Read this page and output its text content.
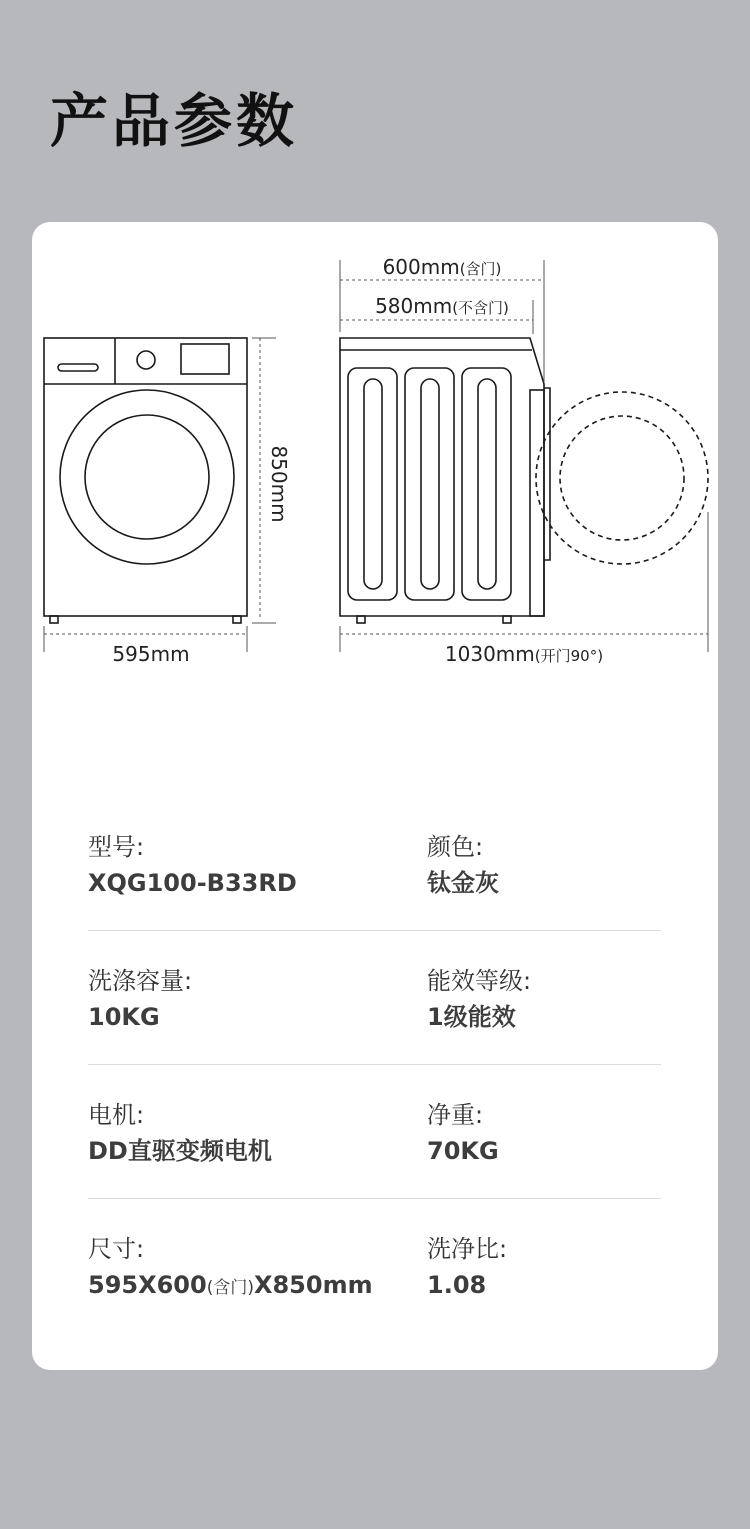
产品参数
595mm
850mm
600mm(含门)
580mm(不含门)
1030mm(开门90°)
型号:
XQG100-B33RD
颜色:
钛金灰
洗涤容量:
10KG
能效等级:
1级能效
电机:
DD直驱变频电机
净重:
70KG
尺寸:
595X600(含门)X850mm
洗净比:
1.08
